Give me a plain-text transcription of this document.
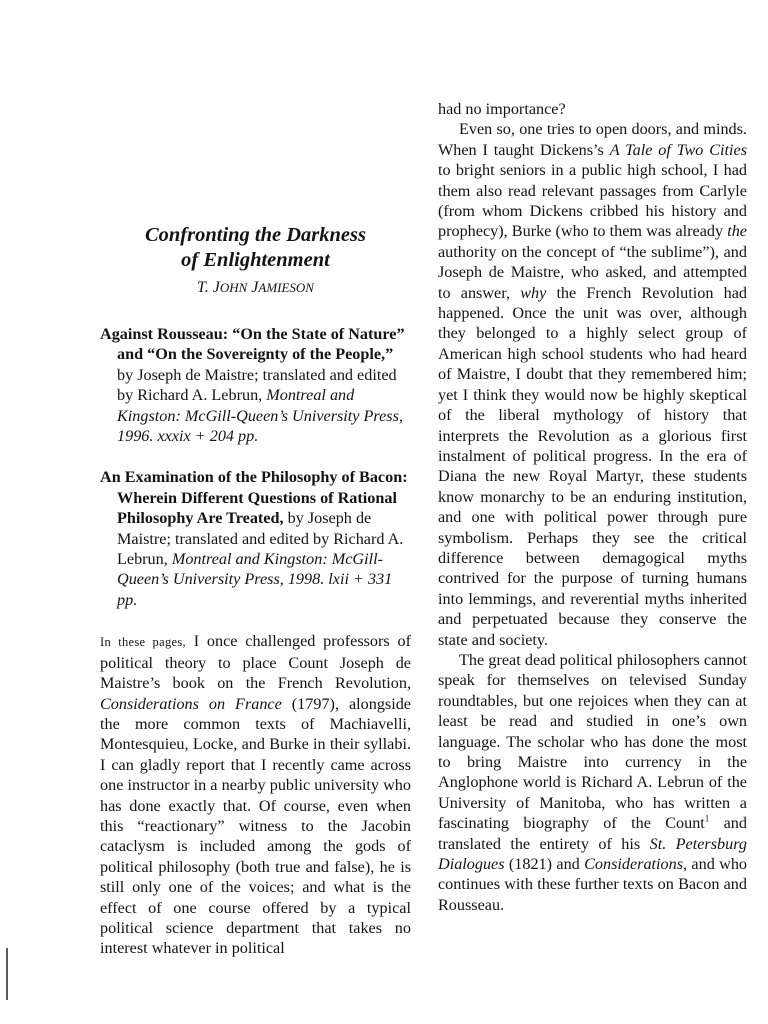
Confronting the Darkness
of Enlightenment
T. JOHN JAMIESON

Against Rousseau: “On the State of Nature” and “On the Sovereignty of the People,” by Joseph de Maistre; translated and edited by Richard A. Lebrun, Montreal and Kingston: McGill-Queen’s University Press, 1996. xxxix + 204 pp.

An Examination of the Philosophy of Bacon: Wherein Different Questions of Rational Philosophy Are Treated, by Joseph de Maistre; translated and edited by Richard A. Lebrun, Montreal and Kingston: McGill-Queen’s University Press, 1998. lxii + 331 pp.

In these pages, I once challenged professors of political theory to place Count Joseph de Maistre’s book on the French Revolution, Considerations on France (1797), alongside the more common texts of Machiavelli, Montesquieu, Locke, and Burke in their syllabi. I can gladly report that I recently came across one instructor in a nearby public university who has done exactly that. Of course, even when this “reactionary” witness to the Jacobin cataclysm is included among the gods of political philosophy (both true and false), he is still only one of the voices; and what is the effect of one course offered by a typical political science department that takes no interest whatever in political

had no importance?

Even so, one tries to open doors, and minds. When I taught Dickens’s A Tale of Two Cities to bright seniors in a public high school, I had them also read relevant passages from Carlyle (from whom Dickens cribbed his history and prophecy), Burke (who to them was already the authority on the concept of “the sublime”), and Joseph de Maistre, who asked, and attempted to answer, why the French Revolution had happened. Once the unit was over, although they belonged to a highly select group of American high school students who had heard of Maistre, I doubt that they remembered him; yet I think they would now be highly skeptical of the liberal mythology of history that interprets the Revolution as a glorious first instalment of political progress. In the era of Diana the new Royal Martyr, these students know monarchy to be an enduring institution, and one with political power through pure symbolism. Perhaps they see the critical difference between demagogical myths contrived for the purpose of turning humans into lemmings, and reverential myths inherited and perpetuated because they conserve the state and society.

The great dead political philosophers cannot speak for themselves on televised Sunday roundtables, but one rejoices when they can at least be read and studied in one’s own language. The scholar who has done the most to bring Maistre into currency in the Anglophone world is Richard A. Lebrun of the University of Manitoba, who has written a fascinating biography of the Count$^1$ and translated the entirety of his St. Petersburg Dialogues (1821) and Considerations, and who continues with these further texts on Bacon and Rousseau.
